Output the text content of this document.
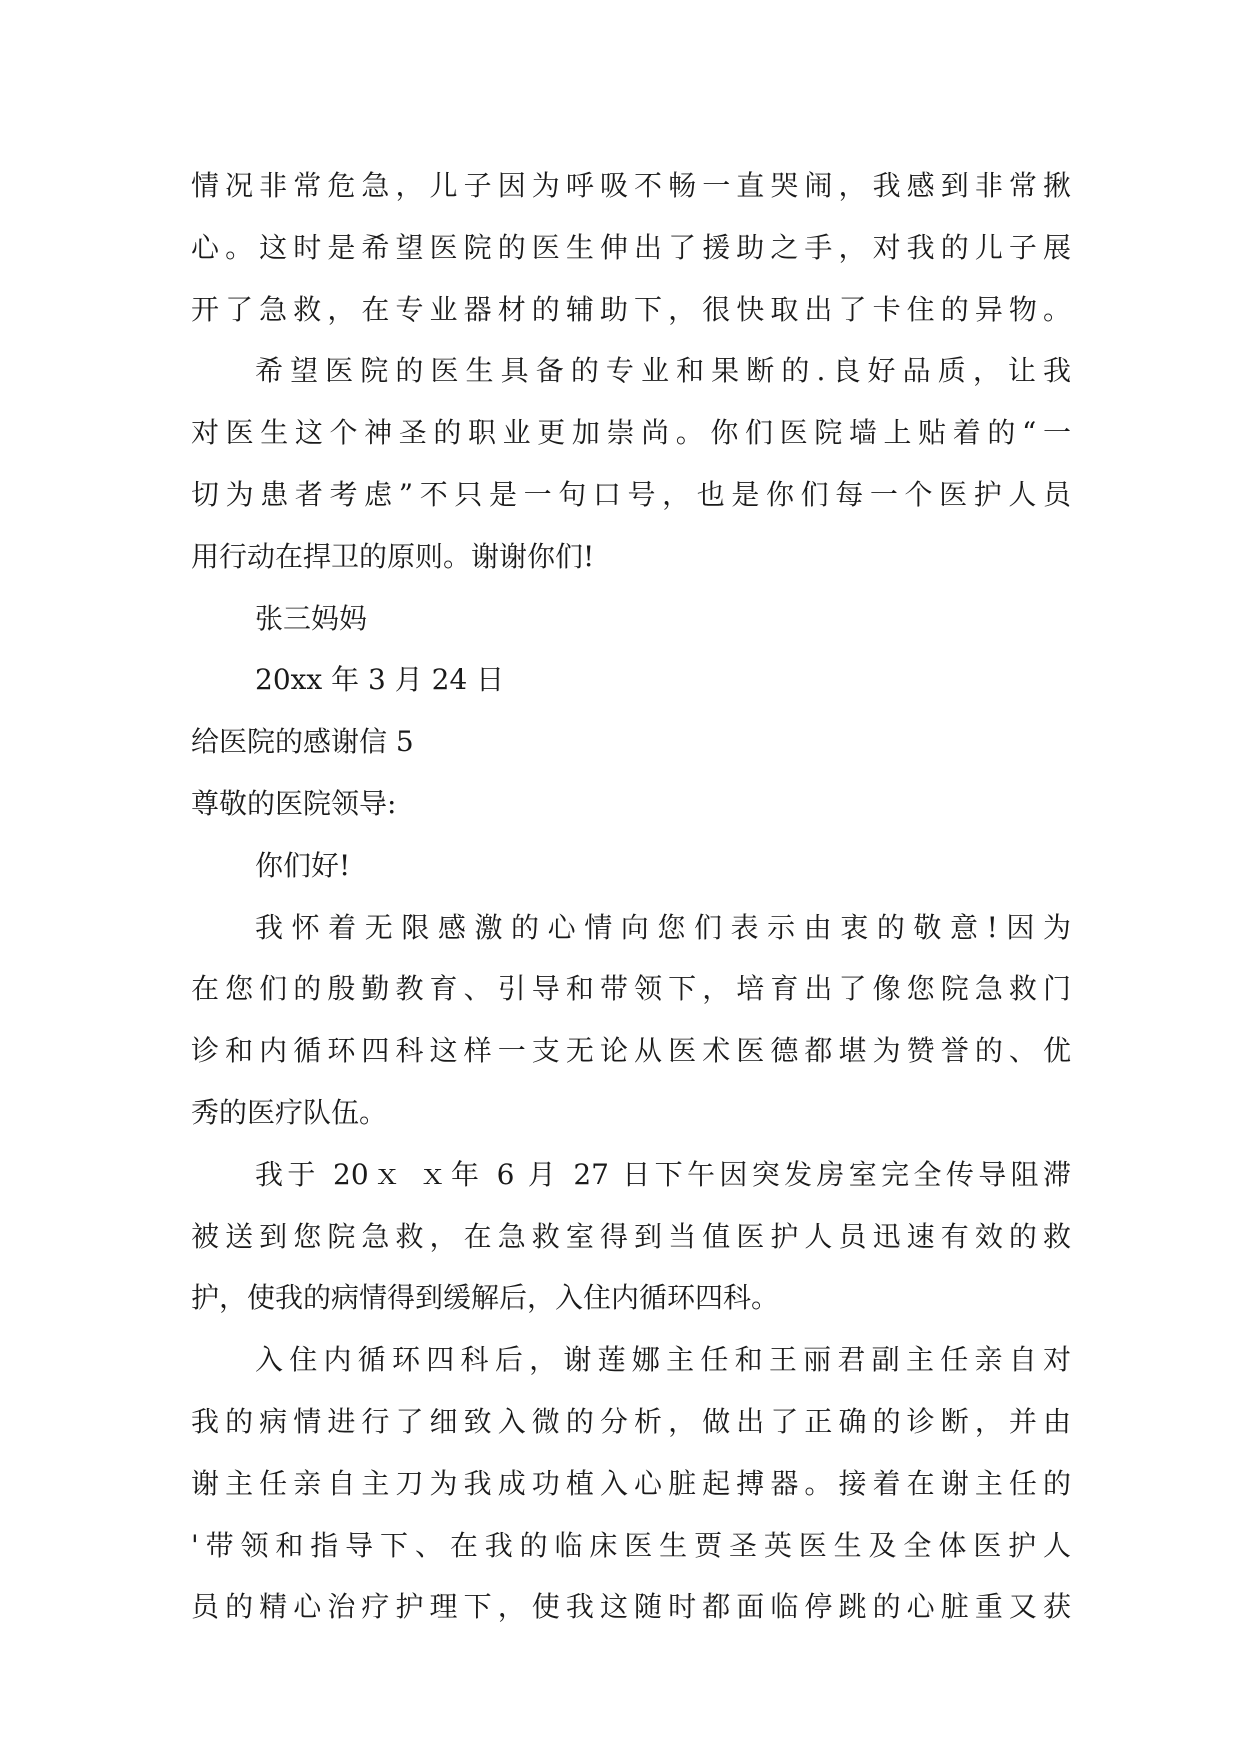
情况非常危急，儿子因为呼吸不畅一直哭闹，我感到非常揪
心。这时是希望医院的医生伸出了援助之手，对我的儿子展
开了急救，在专业器材的辅助下，很快取出了卡住的异物。
希望医院的医生具备的专业和果断的.良好品质，让我
对医生这个神圣的职业更加崇尚。你们医院墙上贴着的“一
切为患者考虑”不只是一句口号，也是你们每一个医护人员
用行动在捍卫的原则。谢谢你们!
张三妈妈
20xx 年 3 月 24 日
给医院的感谢信 5
尊敬的医院领导:
你们好!
我怀着无限感激的心情向您们表示由衷的敬意!因为
在您们的殷勤教育、引导和带领下，培育出了像您院急救门
诊和内循环四科这样一支无论从医术医德都堪为赞誉的、优
秀的医疗队伍。
我于 20ｘ ｘ年 6 月 27 日下午因突发房室完全传导阻滞
被送到您院急救，在急救室得到当值医护人员迅速有效的救
护，使我的病情得到缓解后，入住内循环四科。
入住内循环四科后，谢莲娜主任和王丽君副主任亲自对
我的病情进行了细致入微的分析，做出了正确的诊断，并由
谢主任亲自主刀为我成功植入心脏起搏器。接着在谢主任的
'带领和指导下、在我的临床医生贾圣英医生及全体医护人
员的精心治疗护理下，使我这随时都面临停跳的心脏重又获
